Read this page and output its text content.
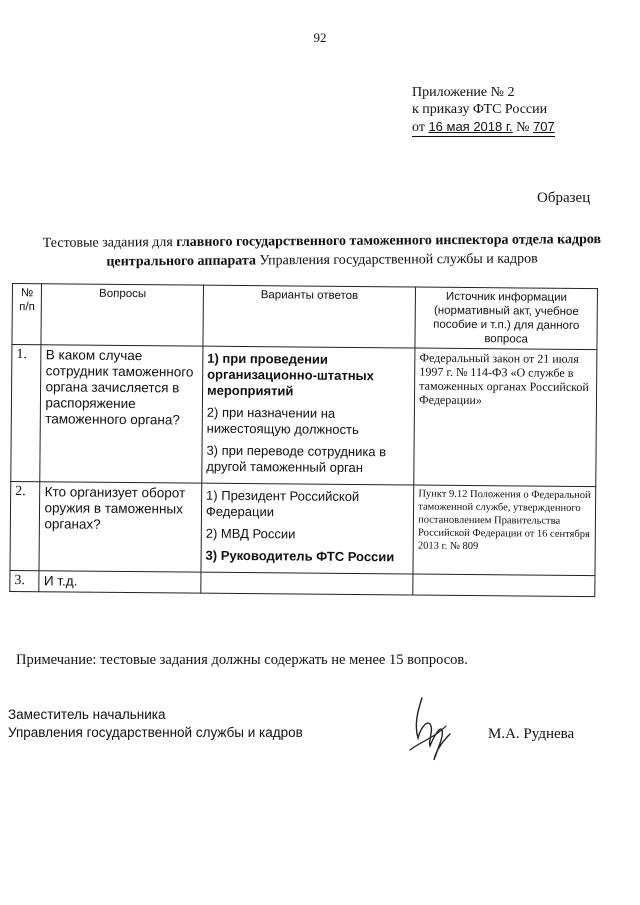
92
Приложение № 2
к приказу ФТС России
от 16 мая 2018 г. № 707
Образец
Тестовые задания для главного государственного таможенного инспектора отдела кадров центрального аппарата Управления государственной службы и кадров
№ п/п	Вопросы	Варианты ответов	Источник информации (нормативный акт, учебное пособие и т.п.) для данного вопроса
1.	В каком случае сотрудник таможенного органа зачисляется в распоряжение таможенного органа?	1) при проведении организационно-штатных мероприятий
2) при назначении на нижестоящую должность
3) при переводе сотрудника в другой таможенный орган	Федеральный закон от 21 июля 1997 г. № 114-ФЗ «О службе в таможенных органах Российской Федерации»
2.	Кто организует оборот оружия в таможенных органах?	1) Президент Российской Федерации
2) МВД России
3) Руководитель ФТС России	Пункт 9.12 Положения о Федеральной таможенной службе, утвержденного постановлением Правительства Российской Федерации от 16 сентября 2013 г. № 809
3.	И т.д.		
Примечание: тестовые задания должны содержать не менее 15 вопросов.
Заместитель начальника
Управления государственной службы и кадров	М.А. Руднева
